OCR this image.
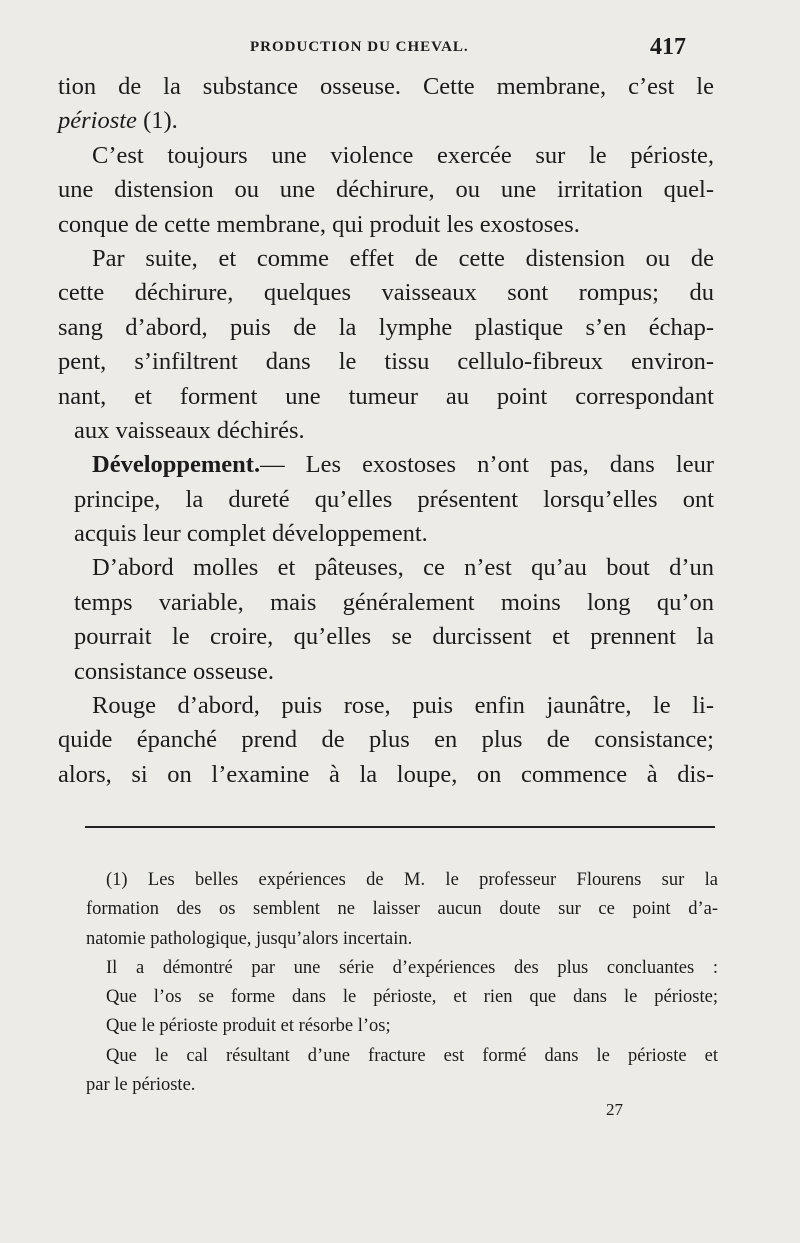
PRODUCTION DU CHEVAL.	417
tion de la substance osseuse. Cette membrane, c’est le
périoste (1).
C’est toujours une violence exercée sur le périoste,
une distension ou une déchirure, ou une irritation quel-
conque de cette membrane, qui produit les exostoses.
Par suite, et comme effet de cette distension ou de
cette déchirure, quelques vaisseaux sont rompus; du
sang d’abord, puis de la lymphe plastique s’en échap-
pent, s’infiltrent dans le tissu cellulo-fibreux environ-
nant, et forment une tumeur au point correspondant
aux vaisseaux déchirés.
Développement.— Les exostoses n’ont pas, dans leur
principe, la dureté qu’elles présentent lorsqu’elles ont
acquis leur complet développement.
D’abord molles et pâteuses, ce n’est qu’au bout d’un
temps variable, mais généralement moins long qu’on
pourrait le croire, qu’elles se durcissent et prennent la
consistance osseuse.
Rouge d’abord, puis rose, puis enfin jaunâtre, le li-
quide épanché prend de plus en plus de consistance;
alors, si on l’examine à la loupe, on commence à dis-
(1) Les belles expériences de M. le professeur Flourens sur la
formation des os semblent ne laisser aucun doute sur ce point d’a-
natomie pathologique, jusqu’alors incertain.
Il a démontré par une série d’expériences des plus concluantes :
Que l’os se forme dans le périoste, et rien que dans le périoste;
Que le périoste produit et résorbe l’os;
Que le cal résultant d’une fracture est formé dans le périoste et
par le périoste.
27
